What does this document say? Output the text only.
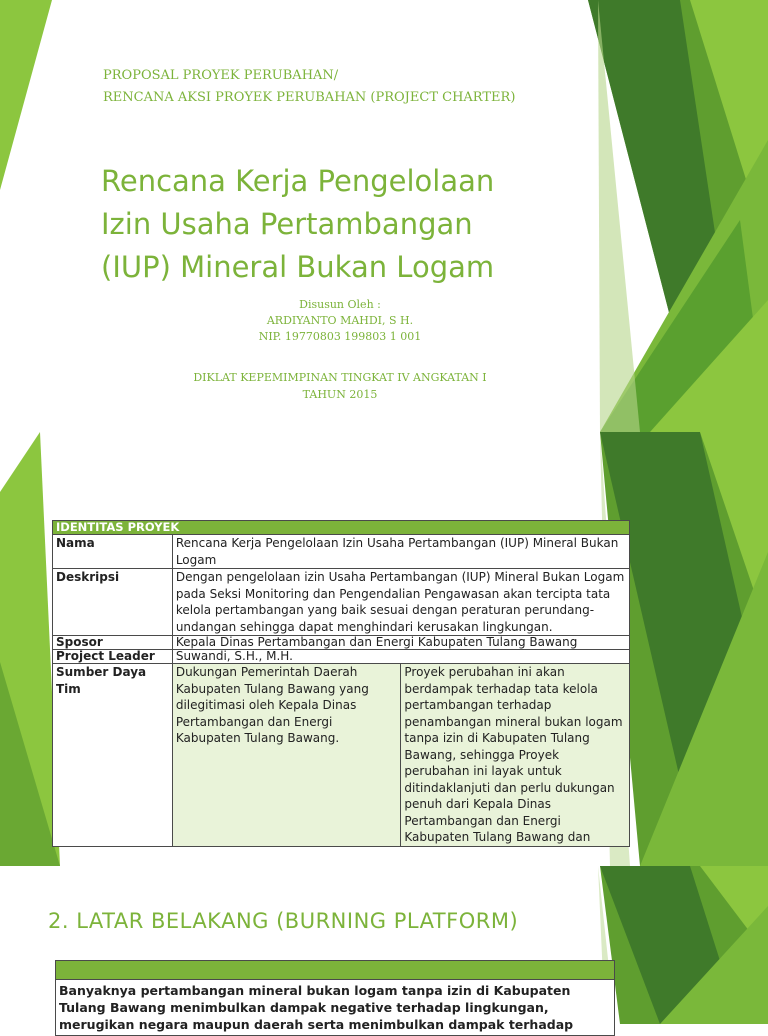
PROPOSAL PROYEK PERUBAHAN/
RENCANA AKSI PROYEK PERUBAHAN (PROJECT CHARTER)
Rencana Kerja Pengelolaan
Izin Usaha Pertambangan
(IUP) Mineral Bukan Logam
Disusun Oleh :
ARDIYANTO MAHDI, S H.
NIP. 19770803 199803 1 001
DIKLAT KEPEMIMPINAN TINGKAT IV ANGKATAN I
TAHUN 2015
IDENTITAS PROYEK		
Nama	Rencana Kerja Pengelolaan Izin Usaha Pertambangan (IUP) Mineral Bukan Logam	
Deskripsi	Dengan pengelolaan izin Usaha Pertambangan (IUP) Mineral Bukan Logam pada Seksi Monitoring dan Pengendalian Pengawasan akan tercipta tata kelola pertambangan yang baik sesuai dengan peraturan perundang-undangan sehingga dapat menghindari kerusakan lingkungan.	
Sposor	Kepala Dinas Pertambangan dan Energi Kabupaten Tulang Bawang	
Project Leader	Suwandi, S.H., M.H.	
Sumber Daya Tim	Dukungan Pemerintah Daerah Kabupaten Tulang Bawang yang dilegitimasi oleh Kepala Dinas Pertambangan dan Energi Kabupaten Tulang Bawang.	Proyek perubahan ini akan berdampak terhadap tata kelola pertambangan terhadap penambangan mineral bukan logam tanpa izin di Kabupaten Tulang Bawang, sehingga Proyek perubahan ini layak untuk ditindaklanjuti dan perlu dukungan penuh dari Kepala Dinas Pertambangan dan Energi Kabupaten Tulang Bawang dan
2. LATAR BELAKANG (BURNING PLATFORM)
Banyaknya pertambangan mineral bukan logam tanpa izin di Kabupaten Tulang Bawang menimbulkan dampak negative terhadap lingkungan, merugikan negara maupun daerah serta menimbulkan dampak terhadap
